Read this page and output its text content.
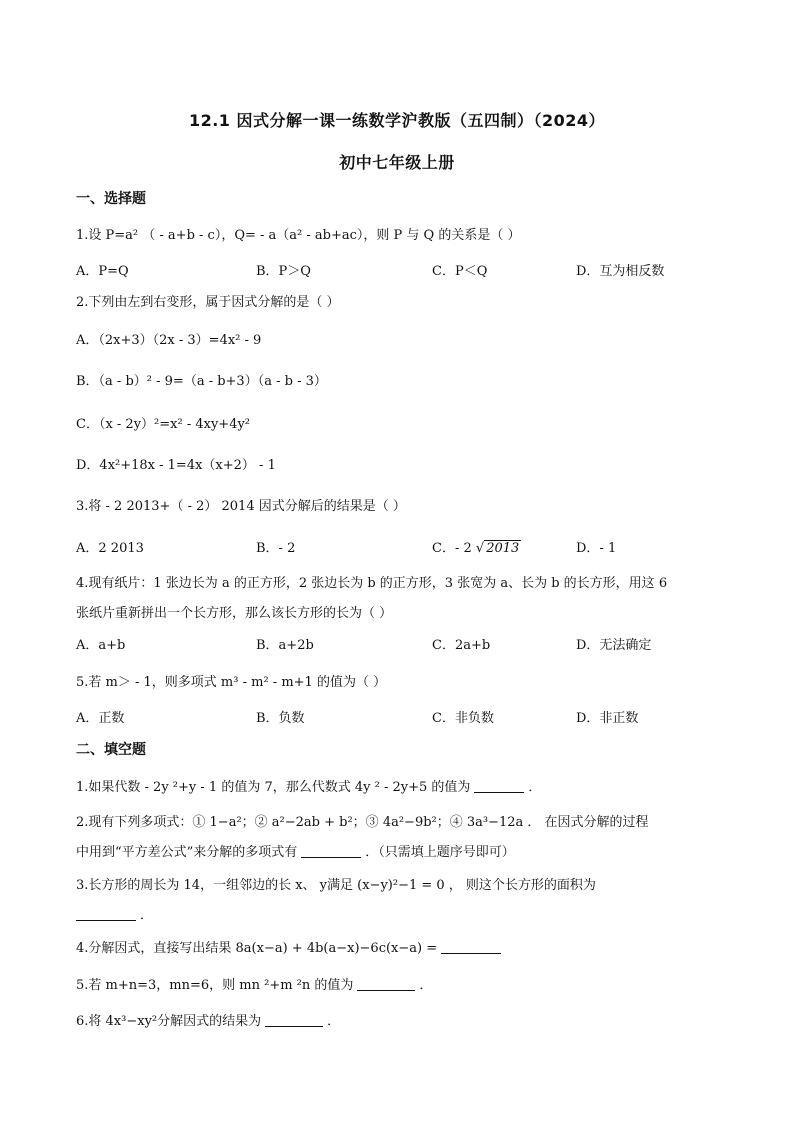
12.1 因式分解一课一练数学沪教版（五四制）（2024）
初中七年级上册
一、选择题
1.设 P=a² （ - a+b - c），Q= - a（a² - ab+ac），则 P 与 Q 的关系是（ ）
A．P=Q	B．P＞Q	C．P＜Q	D．互为相反数
2.下列由左到右变形，属于因式分解的是（ ）
A．（2x+3）（2x - 3）=4x² - 9
B．（a - b）² - 9=（a - b+3）（a - b - 3）
C．（x - 2y）²=x² - 4xy+4y²
D．4x²+18x - 1=4x（x+2） - 1
3.将 - 2 2013+（ - 2） 2014 因式分解后的结果是（ ）
A．2 2013	B．- 2	C．- 2 √ 2013	D．- 1
4.现有纸片：1 张边长为 a 的正方形，2 张边长为 b 的正方形，3 张宽为 a、长为 b 的长方形，用这 6
张纸片重新拼出一个长方形，那么该长方形的长为（ ）
A．a+b	B．a+2b	C．2a+b	D．无法确定
5.若 m＞ - 1，则多项式 m³ - m² - m+1 的值为（ ）
A．正数	B．负数	C．非负数	D．非正数
二、填空题
1.如果代数 - 2y ²+y - 1 的值为 7，那么代数式 4y ² - 2y+5 的值为	．
2.现有下列多项式：① 1−a²；② a²−2ab + b²；③ 4a²−9b²；④ 3a³−12a ． 在因式分解的过程
中用到“平方差公式”来分解的多项式有	．（只需填上题序号即可）
3.长方形的周长为 14，一组邻边的长 x、 y满足 (x−y)²−1 = 0 ， 则这个长方形的面积为
．
4.分解因式，直接写出结果 8a(x−a) + 4b(a−x)−6c(x−a) =
5.若 m+n=3，mn=6，则 mn ²+m ²n 的值为	．
6.将 4x³−xy²分解因式的结果为	．
